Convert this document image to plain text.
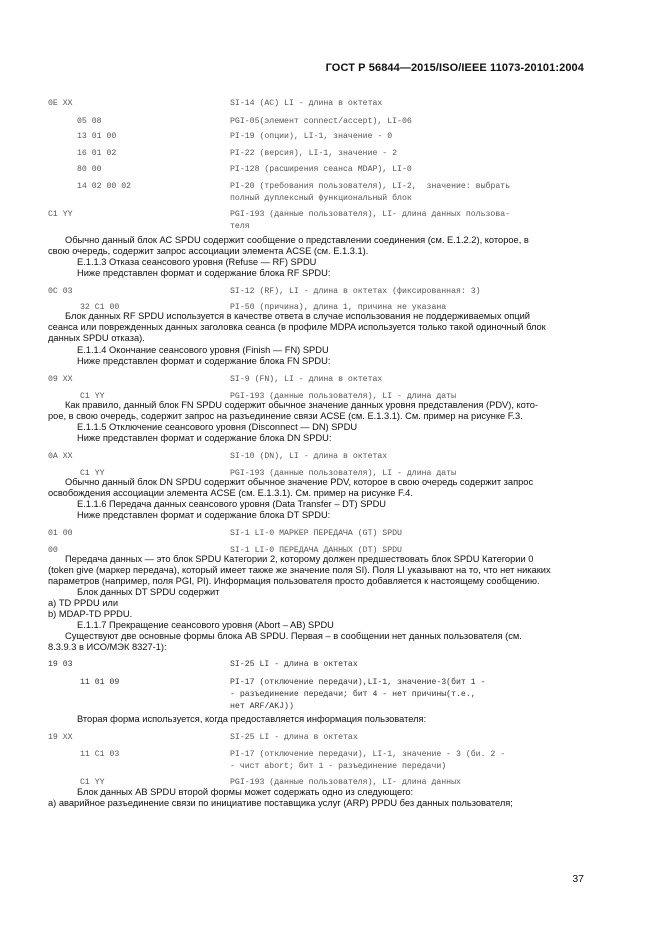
ГОСТ Р 56844—2015/ISO/IEEE 11073-20101:2004
0E XX	SI-14 (AC) LI - длина в октетах
05 08	PGI-05(элемент connect/accept), LI-06
13 01 00	PI-19 (опции), LI-1, значение - 0
16 01 02	PI-22 (версия), LI-1, значение - 2
80 00	PI-128 (расширения сеанса MDAP), LI-0
14 02 00 02	PI-20 (требования пользователя), LI-2,  значение: выбрать
полный дуплексный функциональный блок
C1 YY	PGI-193 (данные пользователя), LI- длина данных пользова-
теля
Обычно данный блок АС SPDU содержит сообщение о представлении соединения (см. Е.1.2.2), которое, в
свою очередь, содержит запрос ассоциации элемента ACSE (см. Е.1.3.1).
Е.1.1.3 Отказа сеансового уровня (Refuse — RF) SPDU
Ниже представлен формат и содержание блока RF SPDU:
0C 03	SI-12 (RF), LI - длина в октетах (фиксированная: 3)
32 C1 00	PI-50 (причина), длина 1, причина не указана
Блок данных RF SPDU используется в качестве ответа в случае использования не поддерживаемых опций
сеанса или поврежденных данных заголовка сеанса (в профиле MDPA используется только такой одиночный блок
данных SPDU отказа).
Е.1.1.4 Окончание сеансового уровня (Finish — FN) SPDU
Ниже представлен формат и содержание блока FN SPDU:
09 XX	SI-9 (FN), LI - длина в октетах
C1 YY	PGI-193 (данные пользователя), LI - длина даты
Как правило, данный блок FN SPDU содержит обычное значение данных уровня представления (PDV), кото-
рое, в свою очередь, содержит запрос на разъединение связи ACSE (см. Е.1.3.1). См. пример на рисунке F.3.
Е.1.1.5 Отключение сеансового уровня (Disconnect — DN) SPDU
Ниже представлен формат и содержание блока DN SPDU:
0A XX	SI-10 (DN), LI - длина в октетах
C1 YY	PGI-193 (данные пользователя), LI - длина даты
Обычно данный блок DN SPDU содержит обычное значение PDV, которое в свою очередь содержит запрос
освобождения ассоциации элемента ACSE (см. Е.1.3.1). См. пример на рисунке F.4.
Е.1.1.6 Передача данных сеансового уровня (Data Transfer – DT) SPDU
Ниже представлен формат и содержание блока DT SPDU:
01 00	SI-1 LI-0 МАРКЕР ПЕРЕДАЧА (GT) SPDU
00	SI-1 LI-0 ПЕРЕДАЧА ДАННЫХ (DT) SPDU
Передача данных — это блок SPDU Категории 2, которому должен предшествовать блок SPDU Категории 0
(token give (маркер передача), который имеет также же значение поля SI). Поля LI указывают на то, что нет никаких
параметров (например, поля PGI, PI). Информация пользователя просто добавляется к настоящему сообщению.
Блок данных DT SPDU содержит
а) TD PPDU или
b) MDAP-TD PPDU.
Е.1.1.7 Прекращение сеансового уровня (Abort – AB) SPDU
Существуют две основные формы блока AB SPDU. Первая – в сообщении нет данных пользователя (см.
8.3.9.3 в ИСО/МЭК 8327-1):
19 03	SI-25 LI - длина в октетах
11 01 09	PI-17 (отключение передачи),LI-1, значение-3(бит 1 -
- разъединение передачи; бит 4 - нет причины(т.е.,
нет ARF/AKJ))
Вторая форма используется, когда предоставляется информация пользователя:
19 XX	SI-25 LI - длина в октетах
11 C1 03	PI-17 (отключение передачи), LI-1, значение - 3 (би. 2 -
- чист abort; бит 1 - разъединение передачи)
C1 YY	PGI-193 (данные пользователя), LI- длина данных
Блок данных AB SPDU второй формы может содержать одно из следующего:
а) аварийное разъединение связи по инициативе поставщика услуг (ARP) PPDU без данных пользователя;
37
